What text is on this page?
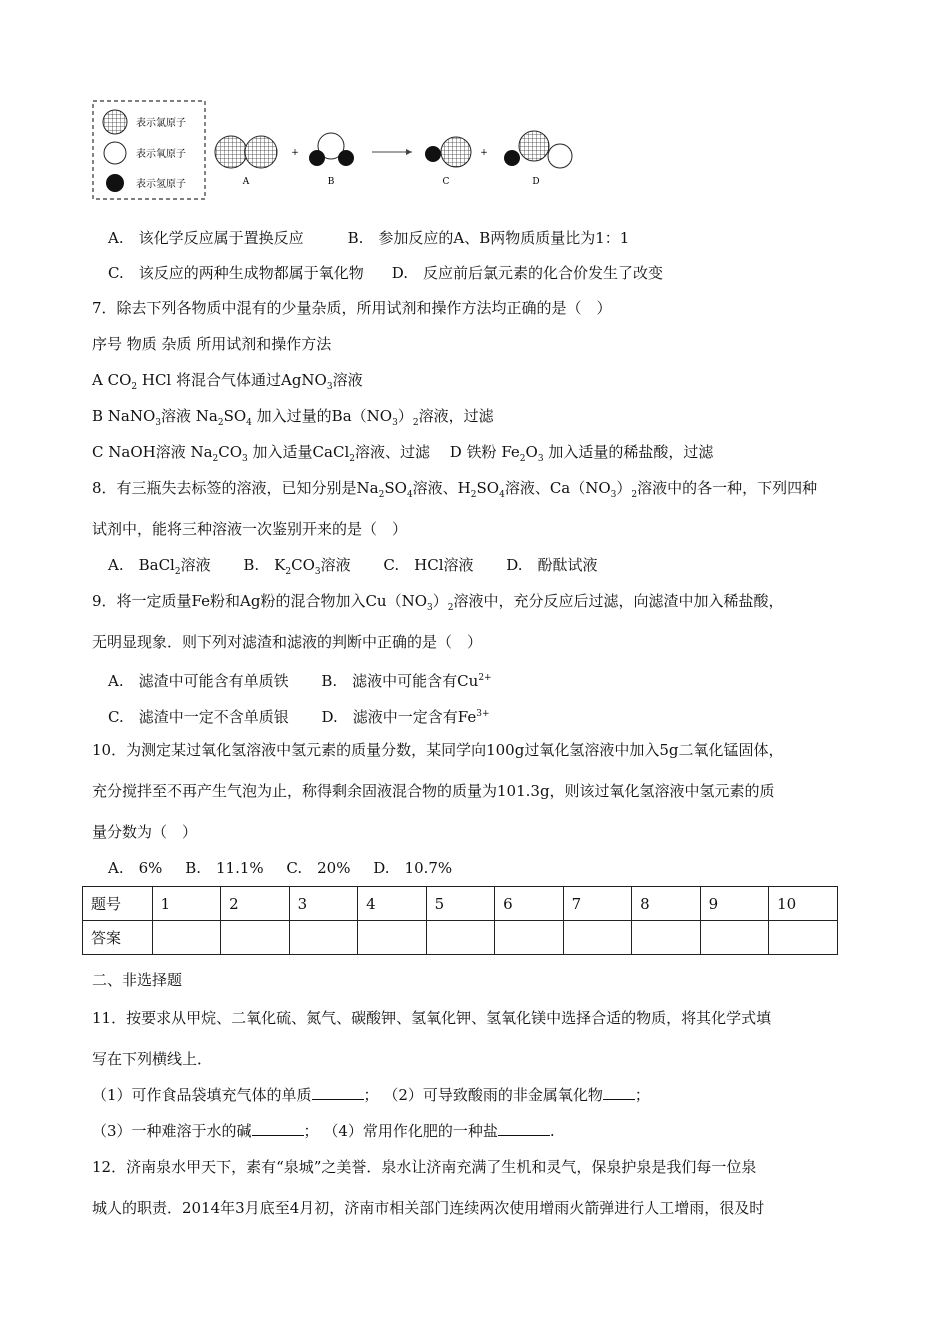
表示氯原子
表示氧原子
表示氢原子	A
+
B	C
+
D
A.　该化学反应属于置换反应	B.　参加反应的A、B两物质质量比为1：1
C.　该反应的两种生成物都属于氧化物 D.　反应前后氯元素的化合价发生了改变
7．除去下列各物质中混有的少量杂质，所用试剂和操作方法均正确的是（　）
序号 物质 杂质 所用试剂和操作方法
A $CO_2$ HCl 将混合气体通过AgNO$_3$溶液
B NaNO$_3$溶液 $Na_2SO_4$ 加入过量的$Ba(NO_3)_2$溶液，过滤
C NaOH溶液 $Na_2CO_3$ 加入适量CaCl$_2$溶液、过滤　 D 铁粉 $Fe_2O_3$ 加入适量的稀盐酸，过滤
8．有三瓶失去标签的溶液，已知分别是$Na_2SO_4$溶液、$H_2SO_4$溶液、$Ca(NO_3)_2$溶液中的各一种，下列四种
试剂中，能将三种溶液一次鉴别开来的是（　）
A.　BaCl$_2$溶液 B.　$K_2CO_3$溶液 C.　HCl溶液 D.　酚酞试液
9．将一定质量Fe粉和Ag粉的混合物加入$Cu(NO_3)_2$溶液中，充分反应后过滤，向滤渣中加入稀盐酸，
无明显现象．则下列对滤渣和滤液的判断中正确的是（　）
A.　滤渣中可能含有单质铁 B.　滤液中可能含有$Cu^{2+}$
C.　滤渣中一定不含单质银 D.　滤液中一定含有$Fe^{3+}$
10．为测定某过氧化氢溶液中氢元素的质量分数，某同学向100g过氧化氢溶液中加入5g二氧化锰固体，
充分搅拌至不再产生气泡为止，称得剩余固液混合物的质量为101.3g，则该过氧化氢溶液中氢元素的质
量分数为（　）
A.　6% B.　11.1% C.　20% D.　10.7%
题号	1	2	3	4	5	6	7	8	9	10
答案										
二、非选择题
11．按要求从甲烷、二氧化硫、氮气、碳酸钾、氢氧化钾、氢氧化镁中选择合适的物质，将其化学式填
写在下列横线上．
（1）可作食品袋填充气体的单质	； （2）可导致酸雨的非金属氧化物 ；
（3）一种难溶于水的碱	； （4）常用作化肥的一种盐	.
12．济南泉水甲天下，素有“泉城”之美誉．泉水让济南充满了生机和灵气，保泉护泉是我们每一位泉
城人的职责．2014年3月底至4月初，济南市相关部门连续两次使用增雨火箭弹进行人工增雨，很及时
